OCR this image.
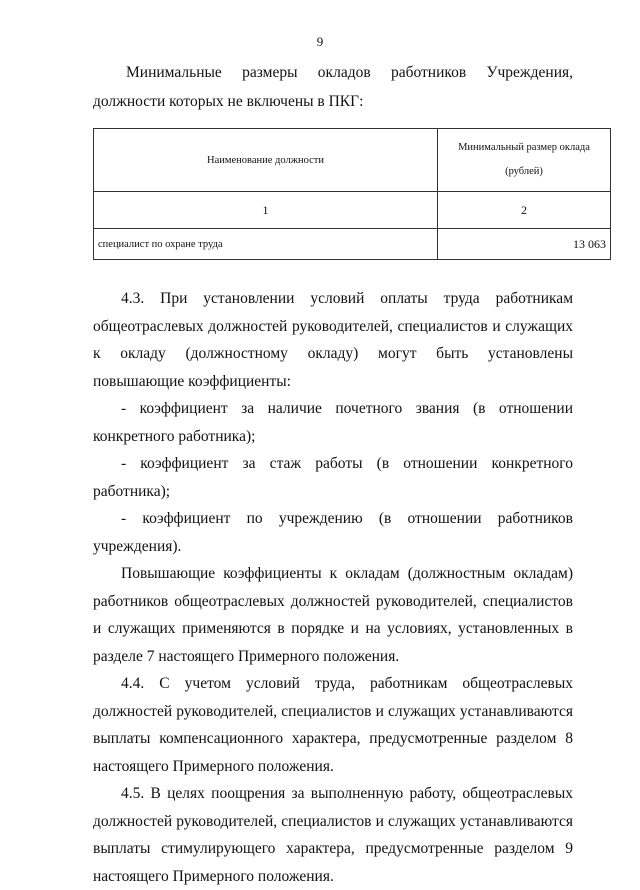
9

Минимальные размеры окладов работников Учреждения, должности которых не включены в ПКГ:

Наименование должности	Минимальный размер оклада (рублей)
1	2
специалист по охране труда	13 063

4.3. При установлении условий оплаты труда работникам общеотраслевых должностей руководителей, специалистов и служащих к окладу (должностному окладу) могут быть установлены повышающие коэффициенты:

- коэффициент за наличие почетного звания (в отношении конкретного работника);

- коэффициент за стаж работы (в отношении конкретного работника);

- коэффициент по учреждению (в отношении работников учреждения).

Повышающие коэффициенты к окладам (должностным окладам) работников общеотраслевых должностей руководителей, специалистов и служащих применяются в порядке и на условиях, установленных в разделе 7 настоящего Примерного положения.

4.4. С учетом условий труда, работникам общеотраслевых должностей руководителей, специалистов и служащих устанавливаются выплаты компенсационного характера, предусмотренные разделом 8 настоящего Примерного положения.

4.5. В целях поощрения за выполненную работу, общеотраслевых должностей руководителей, специалистов и служащих устанавливаются выплаты стимулирующего характера, предусмотренные разделом 9 настоящего Примерного положения.
